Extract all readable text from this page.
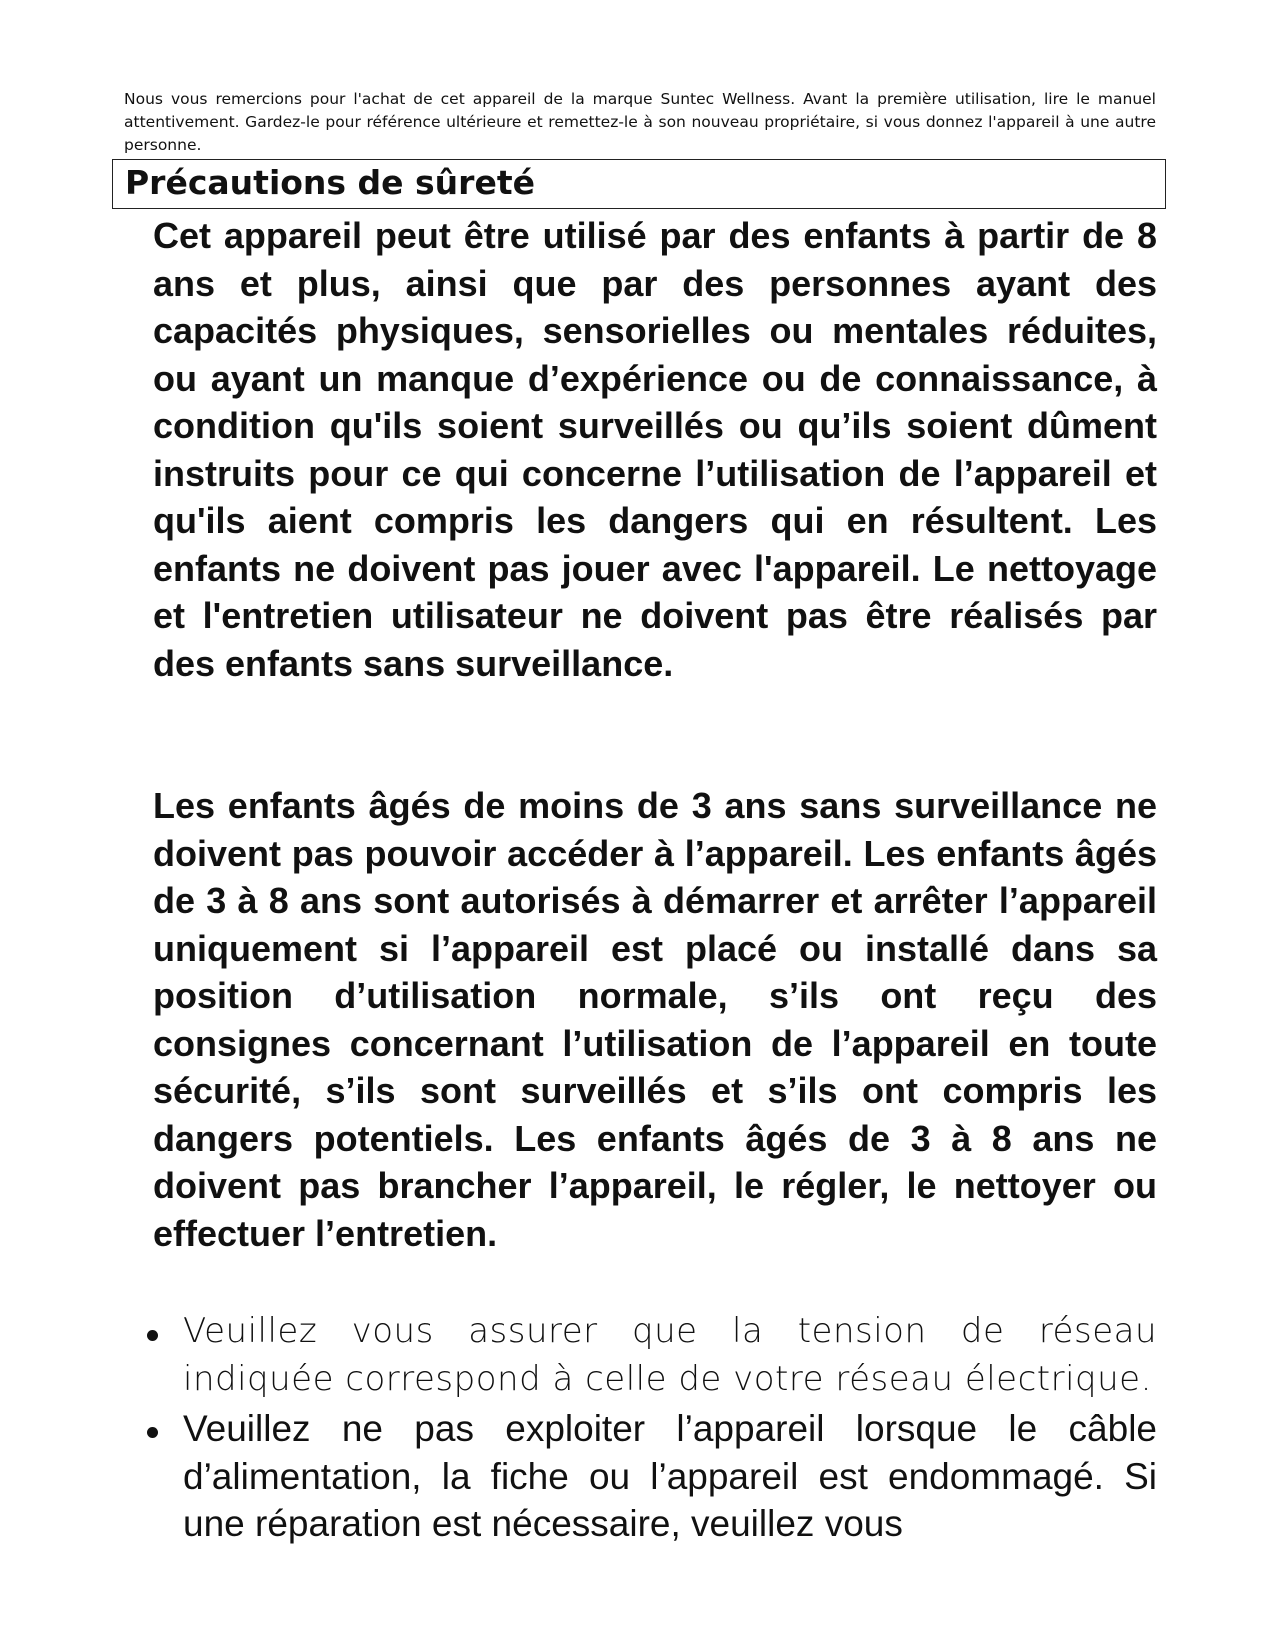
Nous vous remercions pour l'achat de cet appareil de la marque Suntec Wellness. Avant la première utilisation, lire le manuel attentivement. Gardez-le pour référence ultérieure et remettez-le à son nouveau propriétaire, si vous donnez l'appareil à une autre personne.

Précautions de sûreté

Cet appareil peut être utilisé par des enfants à partir de 8 ans et plus, ainsi que par des personnes ayant des capacités physiques, sensorielles ou mentales réduites, ou ayant un manque d’expérience ou de connaissance, à condition qu'ils soient surveillés ou qu’ils soient dûment instruits pour ce qui concerne l’utilisation de l’appareil et qu'ils aient compris les dangers qui en résultent. Les enfants ne doivent pas jouer avec l'appareil. Le nettoyage et l'entretien utilisateur ne doivent pas être réalisés par des enfants sans surveillance.

Les enfants âgés de moins de 3 ans sans surveillance ne doivent pas pouvoir accéder à l’appareil. Les enfants âgés de 3 à 8 ans sont autorisés à démarrer et arrêter l’appareil uniquement si l’appareil est placé ou installé dans sa position d’utilisation normale, s’ils ont reçu des consignes concernant l’utilisation de l’appareil en toute sécurité, s’ils sont surveillés et s’ils ont compris les dangers potentiels. Les enfants âgés de 3 à 8 ans ne doivent pas brancher l’appareil, le régler, le nettoyer ou effectuer l’entretien.

Veuillez vous assurer que la tension de réseau indiquée correspond à celle de votre réseau électrique.
Veuillez ne pas exploiter l’appareil lorsque le câble d’alimentation, la fiche ou l’appareil est endommagé. Si une réparation est nécessaire, veuillez vous
